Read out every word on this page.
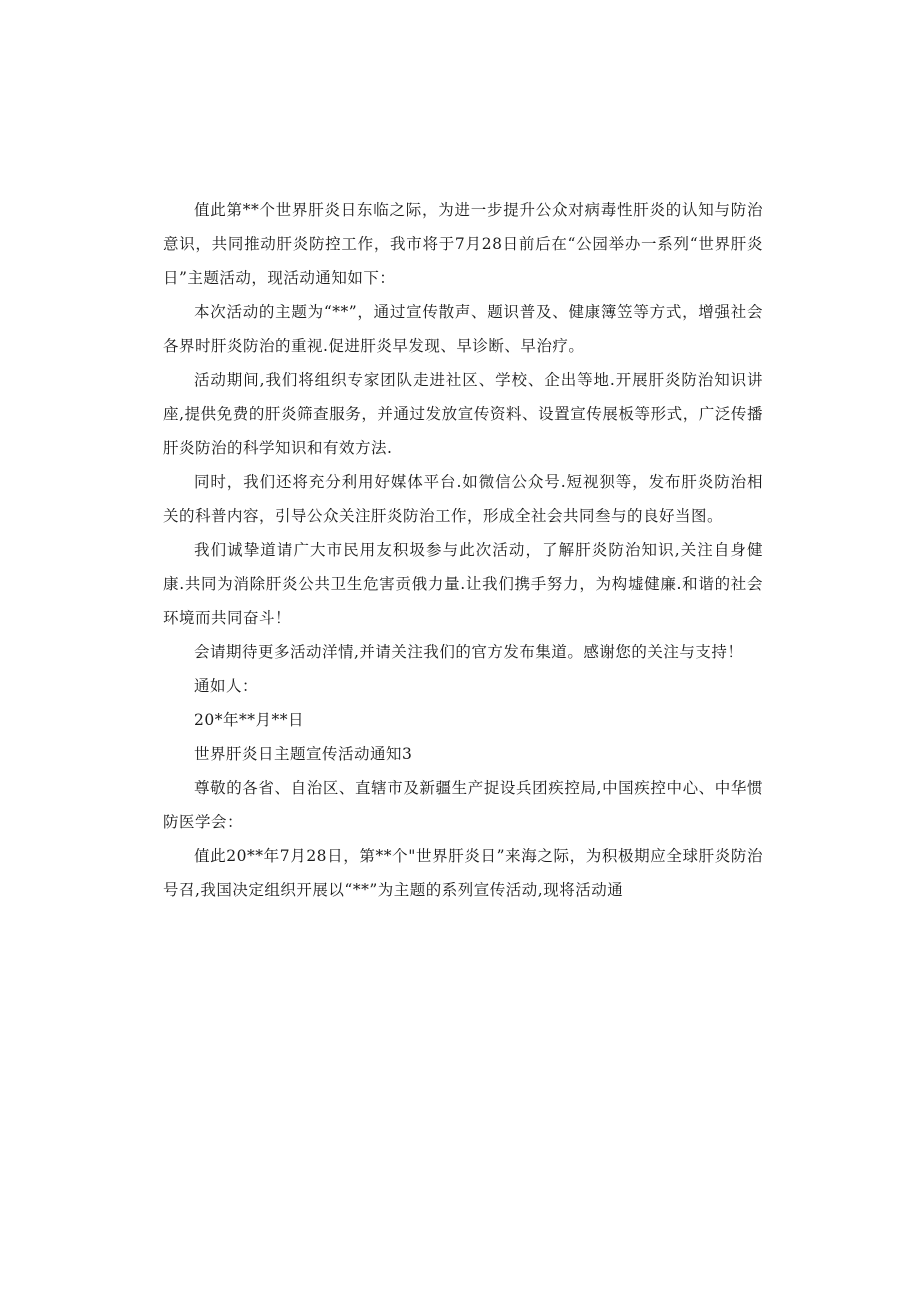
值此第**个世界肝炎日东临之际，为进一步提升公众对病毒性肝炎的认知与防治意识，共同推动肝炎防控工作，我市将于7月28日前后在“公园举办一系列“世界肝炎日”主题活动，现活动通知如下：

本次活动的主题为“**”，通过宣传散声、题识普及、健康簿笠等方式，增强社会各界时肝炎防治的重视.促进肝炎早发现、早诊断、早治疗。

活动期间,我们将组织专家团队走进社区、学校、企出等地.开展肝炎防治知识讲座,提供免费的肝炎筛查服务，并通过发放宣传资料、设置宣传展板等形式，广泛传播肝炎防治的科学知识和有效方法.

同时，我们还将充分利用好媒体平台.如微信公众号.短视狈等，发布肝炎防治相关的科普内容，引导公众关注肝炎防治工作，形成全社会共同叁与的良好当图。

我们诚挚道请广大市民用友积圾参与此次活动，了解肝炎防治知识,关注自身健康.共同为消除肝炎公共卫生危害贡俄力量.让我们携手努力，为构墟健廉.和谐的社会环境而共同奋斗！

会请期待更多活动洋情,并请关注我们的官方发布集道。感谢您的关注与支持！

通如人：

20*年**月**日

世界肝炎日主题宣传活动通知3

尊敬的各省、自治区、直辖市及新疆生产捉设兵团疾控局,中国疾控中心、中华惯防医学会：

值此20**年7月28日，第**个"世界肝炎日”来海之际，为积极期应全球肝炎防治号召,我国决定组织开展以“**”为主题的系列宣传活动,现将活动通
